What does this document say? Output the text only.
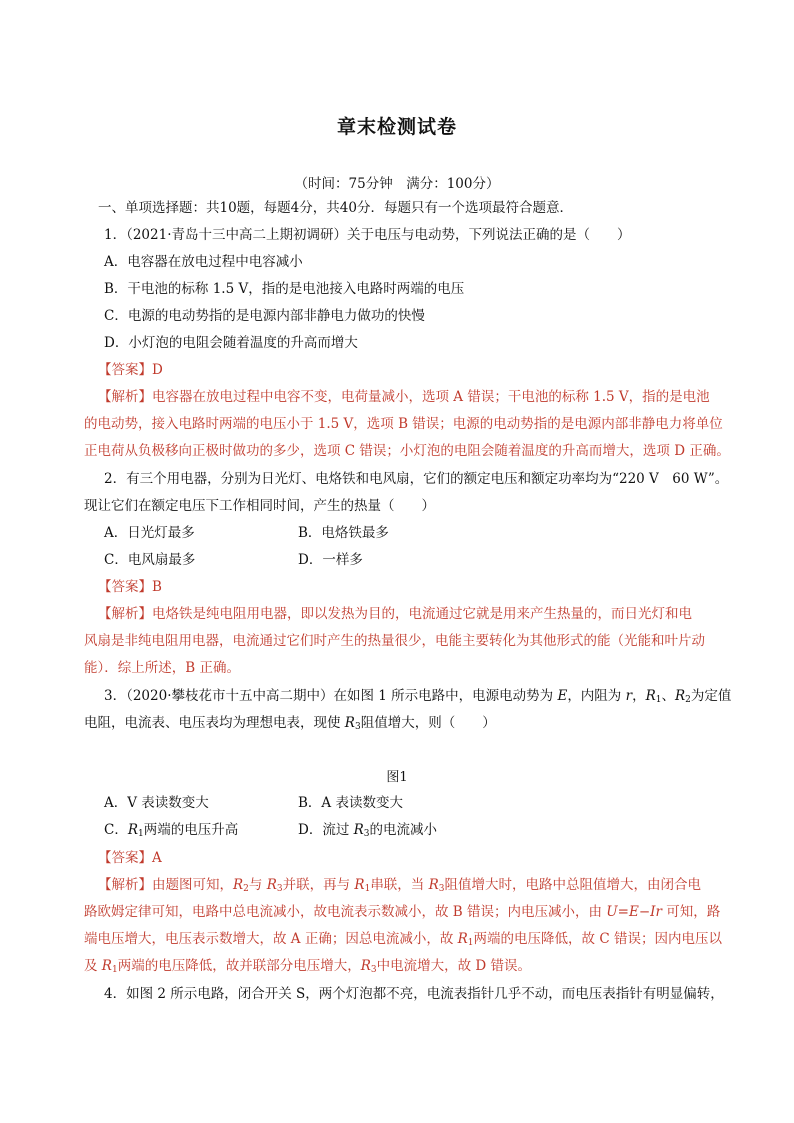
章末检测试卷
（时间：75分钟　满分：100分）
一、单项选择题：共10题，每题4分，共40分．每题只有一个选项最符合题意．
1．（2021·青岛十三中高二上期初调研）关于电压与电动势，下列说法正确的是（　　）
A．电容器在放电过程中电容减小
B．干电池的标称 1.5 V，指的是电池接入电路时两端的电压
C．电源的电动势指的是电源内部非静电力做功的快慢
D．小灯泡的电阻会随着温度的升高而增大
【答案】D
【解析】电容器在放电过程中电容不变，电荷量减小，选项 A 错误；干电池的标称 1.5 V，指的是电池
的电动势，接入电路时两端的电压小于 1.5 V，选项 B 错误；电源的电动势指的是电源内部非静电力将单位
正电荷从负极移向正极时做功的多少，选项 C 错误；小灯泡的电阻会随着温度的升高而增大，选项 D 正确。
2．有三个用电器，分别为日光灯、电烙铁和电风扇，它们的额定电压和额定功率均为“220 V　60 W”。
现让它们在额定电压下工作相同时间，产生的热量（　　）
A．日光灯最多	B．电烙铁最多
C．电风扇最多	D．一样多
【答案】B
【解析】电烙铁是纯电阻用电器，即以发热为目的，电流通过它就是用来产生热量的，而日光灯和电
风扇是非纯电阻用电器，电流通过它们时产生的热量很少，电能主要转化为其他形式的能（光能和叶片动
能）．综上所述，B 正确。
3．（2020·攀枝花市十五中高二期中）在如图 1 所示电路中，电源电动势为 E，内阻为 r，$R_1$、$R_2$为定值
电阻，电流表、电压表均为理想电表，现使 $R_3$阻值增大，则（　　）
图1
A．V 表读数变大	B．A 表读数变大
C．$R_1$两端的电压升高	D．流过 $R_3$的电流减小
【答案】A
【解析】由题图可知，$R_2$与 $R_3$并联，再与 $R_1$串联，当 $R_3$阻值增大时，电路中总阻值增大，由闭合电
路欧姆定律可知，电路中总电流减小，故电流表示数减小，故 B 错误；内电压减小，由 U=E−Ir 可知，路
端电压增大，电压表示数增大，故 A 正确；因总电流减小，故 $R_1$两端的电压降低，故 C 错误；因内电压以
及 $R_1$两端的电压降低，故并联部分电压增大，$R_3$中电流增大，故 D 错误。
4．如图 2 所示电路，闭合开关 S，两个灯泡都不亮，电流表指针几乎不动，而电压表指针有明显偏转，
